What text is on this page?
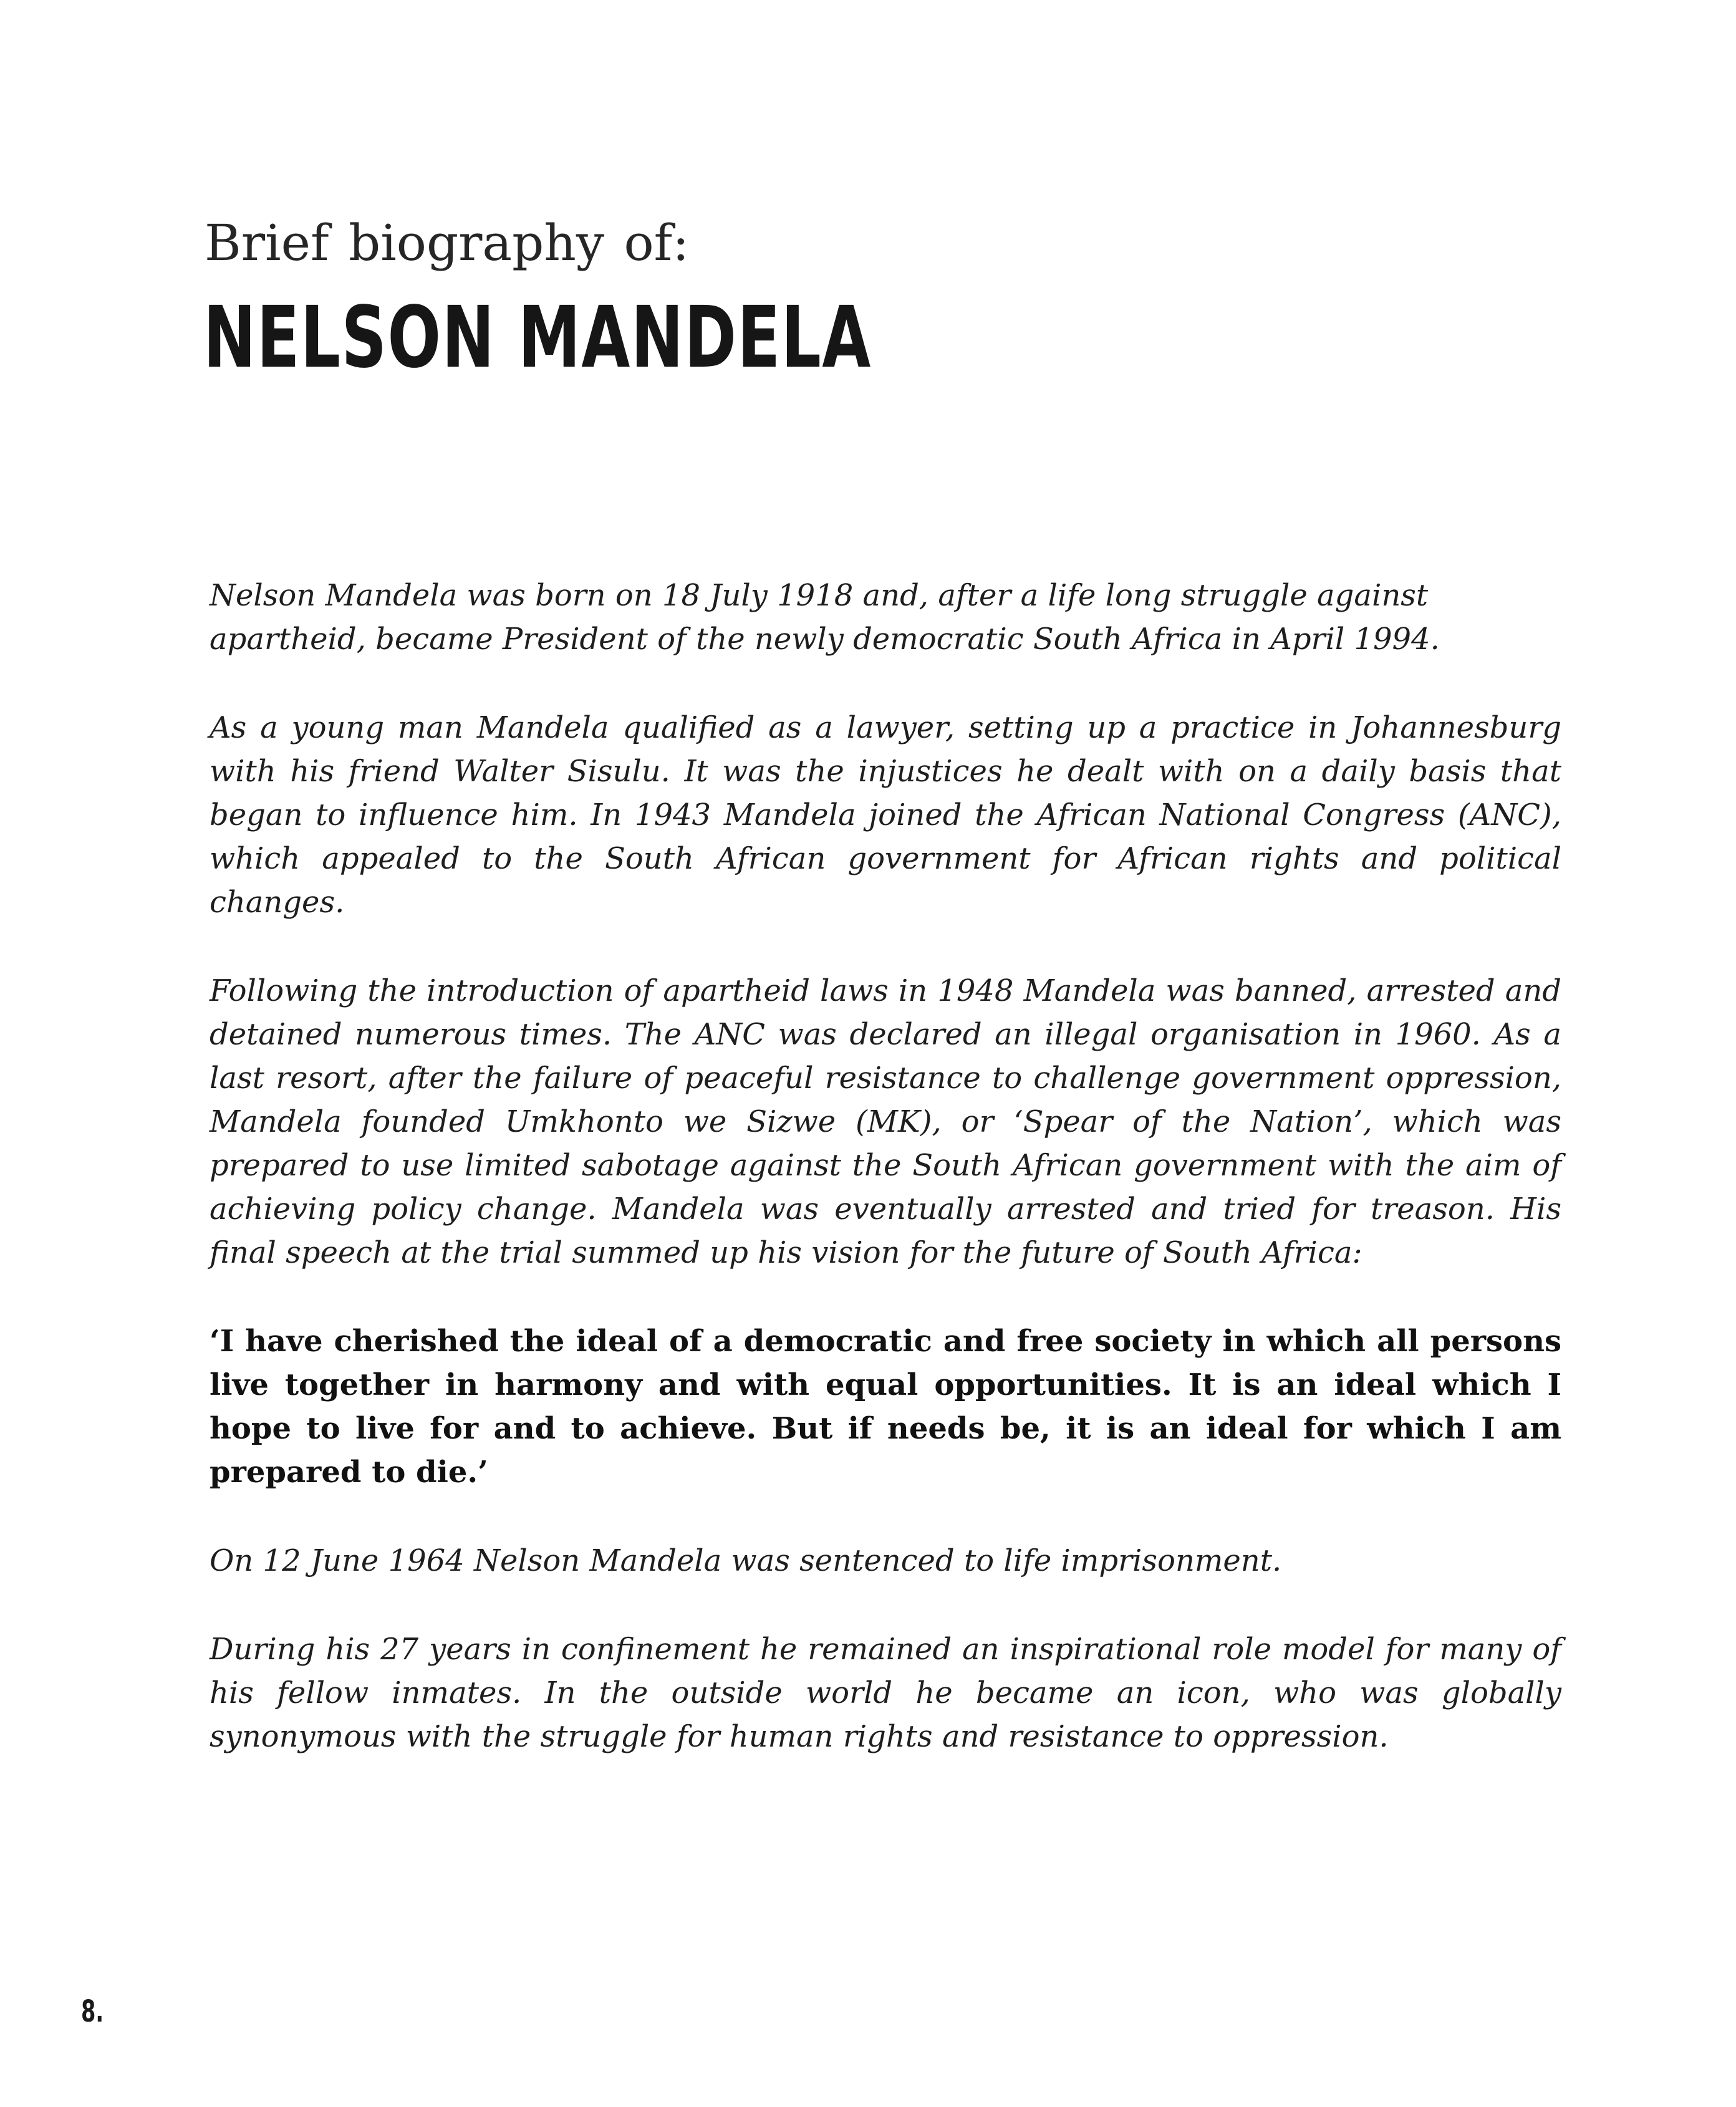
Brief biography of:
NELSON MANDELA

Nelson Mandela was born on 18 July 1918 and, after a life long struggle against apartheid, became President of the newly democratic South Africa in April 1994.

As a young man Mandela qualified as a lawyer, setting up a practice in Johannesburg with his friend Walter Sisulu. It was the injustices he dealt with on a daily basis that began to influence him. In 1943 Mandela joined the African National Congress (ANC), which appealed to the South African government for African rights and political changes.

Following the introduction of apartheid laws in 1948 Mandela was banned, arrested and detained numerous times. The ANC was declared an illegal organisation in 1960. As a last resort, after the failure of peaceful resistance to challenge government oppression, Mandela founded Umkhonto we Sizwe (MK), or ‘Spear of the Nation’, which was prepared to use limited sabotage against the South African government with the aim of achieving policy change. Mandela was eventually arrested and tried for treason. His final speech at the trial summed up his vision for the future of South Africa:

‘I have cherished the ideal of a democratic and free society in which all persons live together in harmony and with equal opportunities. It is an ideal which I hope to live for and to achieve. But if needs be, it is an ideal for which I am prepared to die.’

On 12 June 1964 Nelson Mandela was sentenced to life imprisonment.

During his 27 years in confinement he remained an inspirational role model for many of his fellow inmates. In the outside world he became an icon, who was globally synonymous with the struggle for human rights and resistance to oppression.

8.
